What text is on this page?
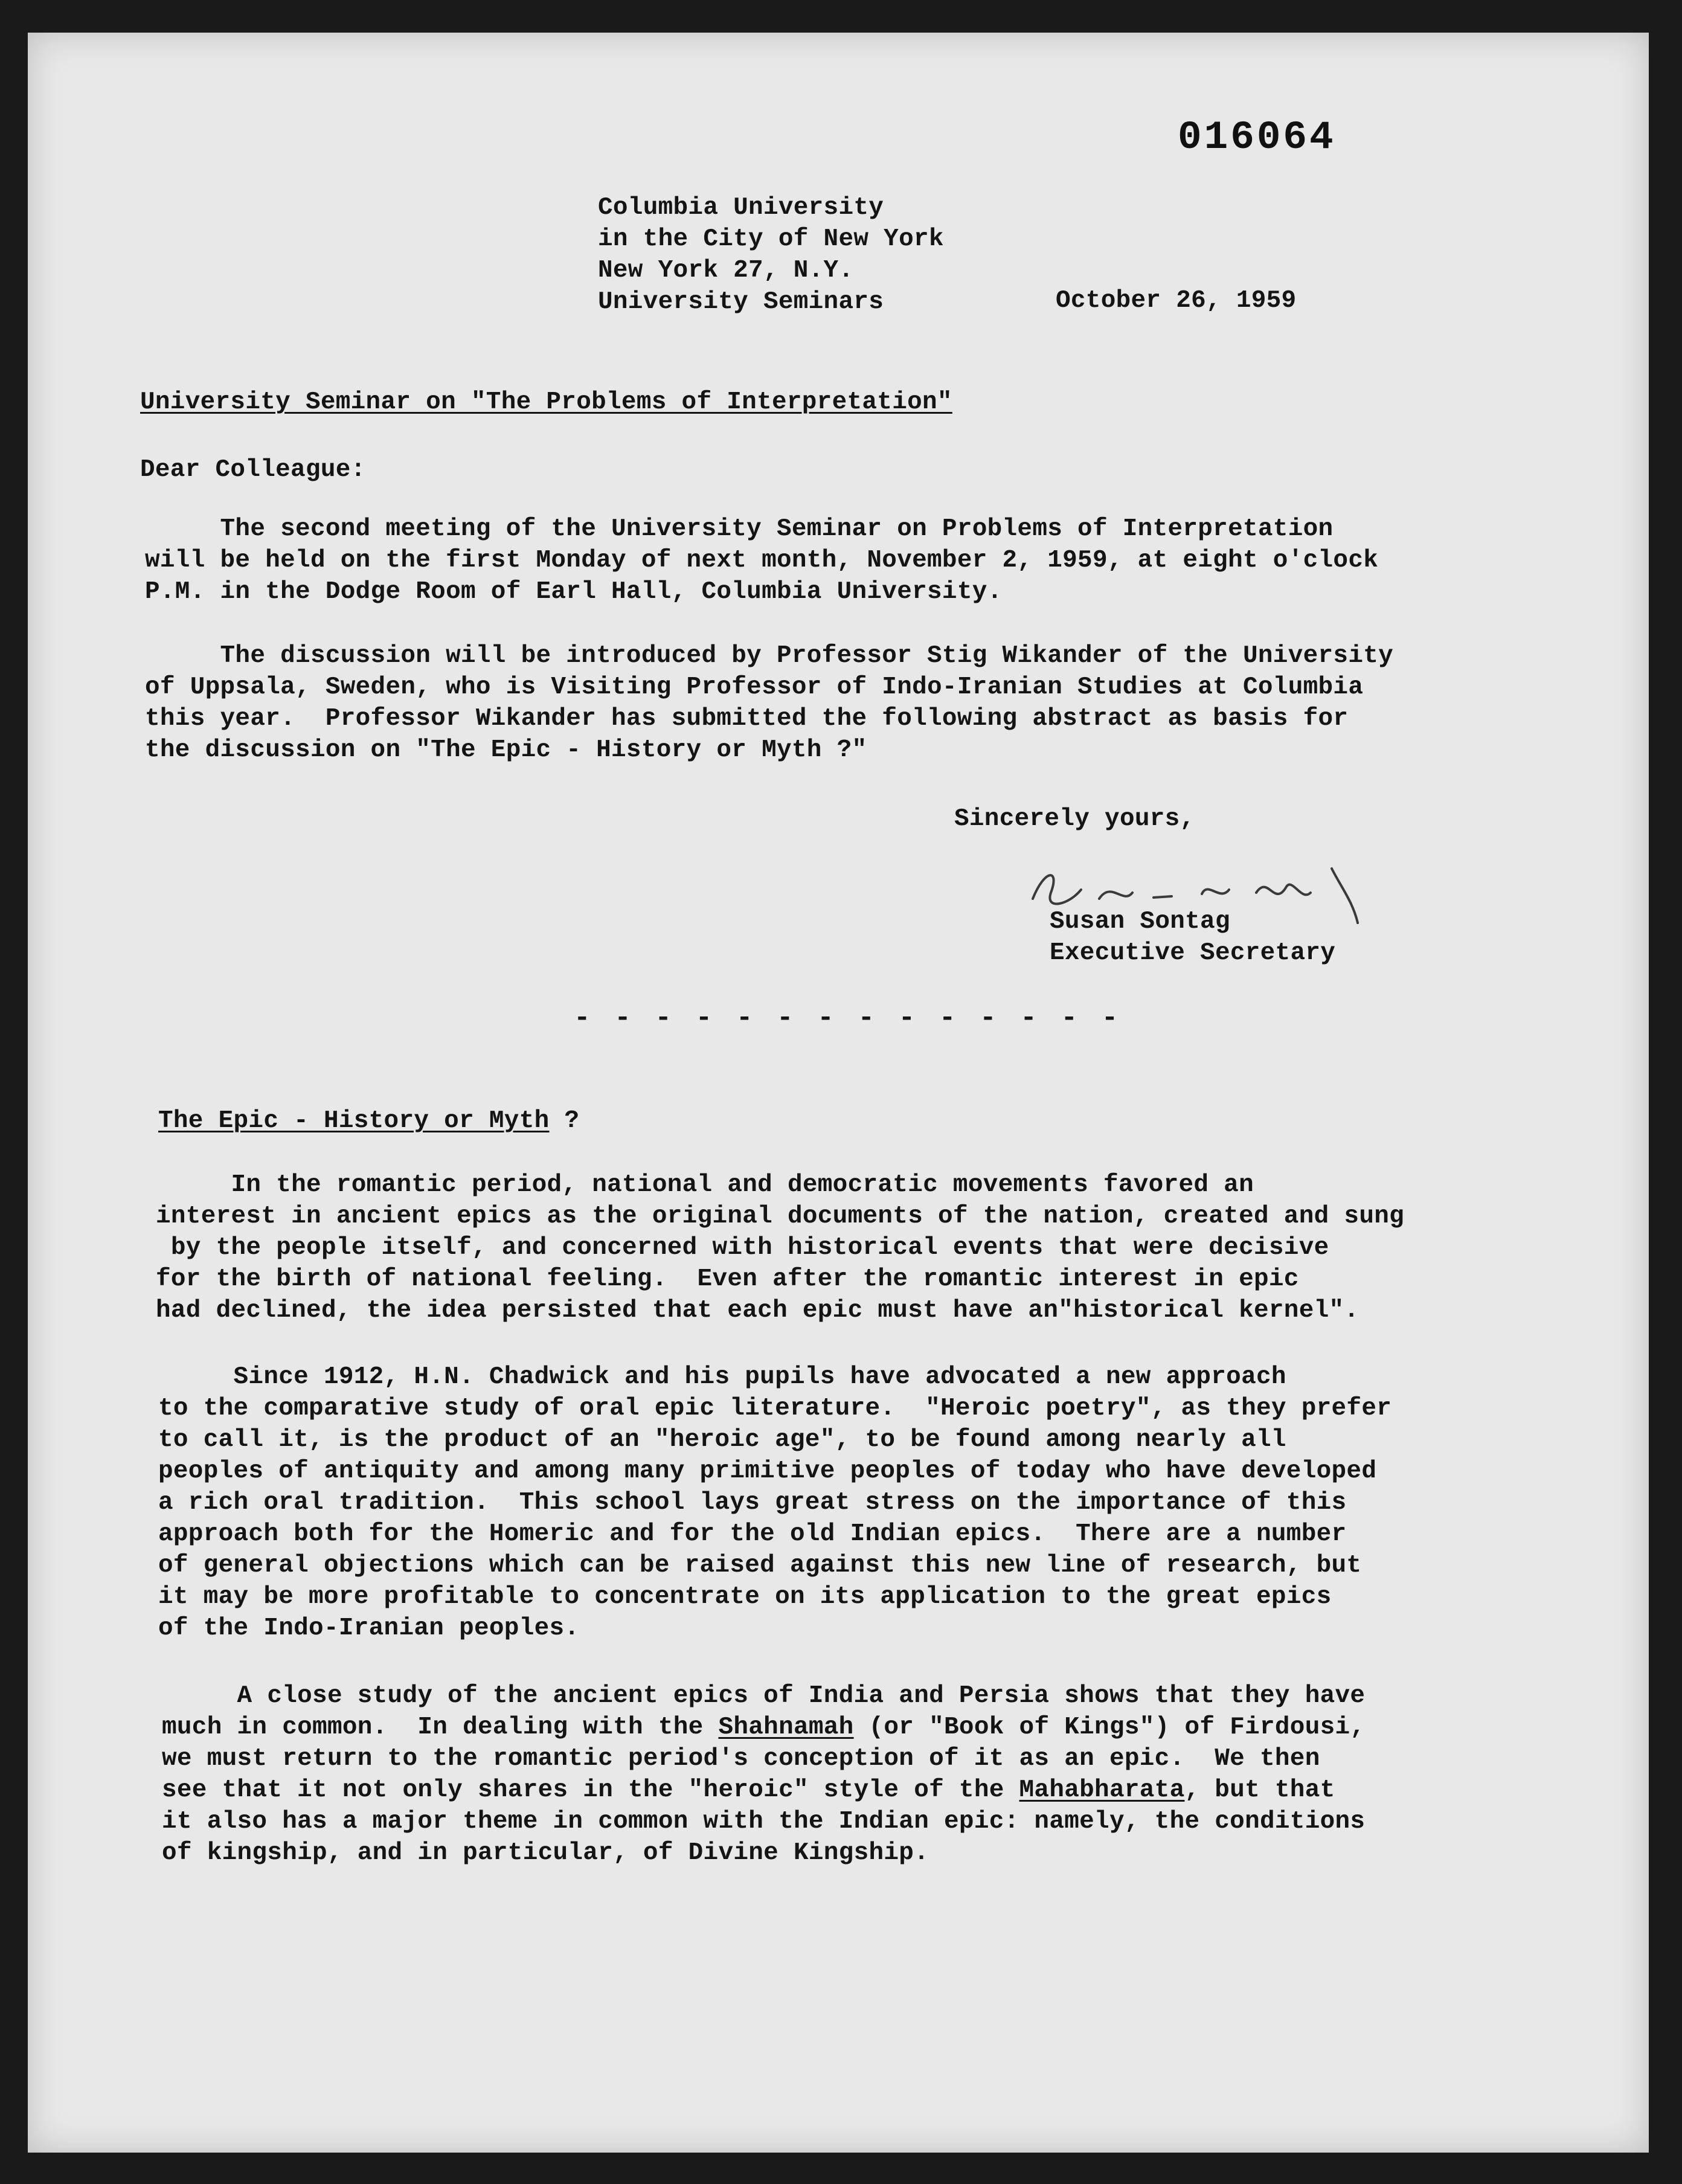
016064
Columbia University
in the City of New York
New York 27, N.Y.
University Seminars	October 26, 1959
University Seminar on "The Problems of Interpretation"
Dear Colleague:
The second meeting of the University Seminar on Problems of Interpretation
will be held on the first Monday of next month, November 2, 1959, at eight o'clock
P.M. in the Dodge Room of Earl Hall, Columbia University.
The discussion will be introduced by Professor Stig Wikander of the University
of Uppsala, Sweden, who is Visiting Professor of Indo-Iranian Studies at Columbia
this year.  Professor Wikander has submitted the following abstract as basis for
the discussion on "The Epic - History or Myth ?"
Sincerely yours,
Susan Sontag
Executive Secretary
- - - - - - - - - - - - - -
The Epic - History or Myth ?
In the romantic period, national and democratic movements favored an
interest in ancient epics as the original documents of the nation, created and sung
by the people itself, and concerned with historical events that were decisive
for the birth of national feeling.  Even after the romantic interest in epic
had declined, the idea persisted that each epic must have an"historical kernel".
Since 1912, H.N. Chadwick and his pupils have advocated a new approach
to the comparative study of oral epic literature.  "Heroic poetry", as they prefer
to call it, is the product of an "heroic age", to be found among nearly all
peoples of antiquity and among many primitive peoples of today who have developed
a rich oral tradition.  This school lays great stress on the importance of this
approach both for the Homeric and for the old Indian epics.  There are a number
of general objections which can be raised against this new line of research, but
it may be more profitable to concentrate on its application to the great epics
of the Indo-Iranian peoples.
A close study of the ancient epics of India and Persia shows that they have
much in common.  In dealing with the Shahnamah (or "Book of Kings") of Firdousi,
we must return to the romantic period's conception of it as an epic.  We then
see that it not only shares in the "heroic" style of the Mahabharata, but that
it also has a major theme in common with the Indian epic: namely, the conditions
of kingship, and in particular, of Divine Kingship.
